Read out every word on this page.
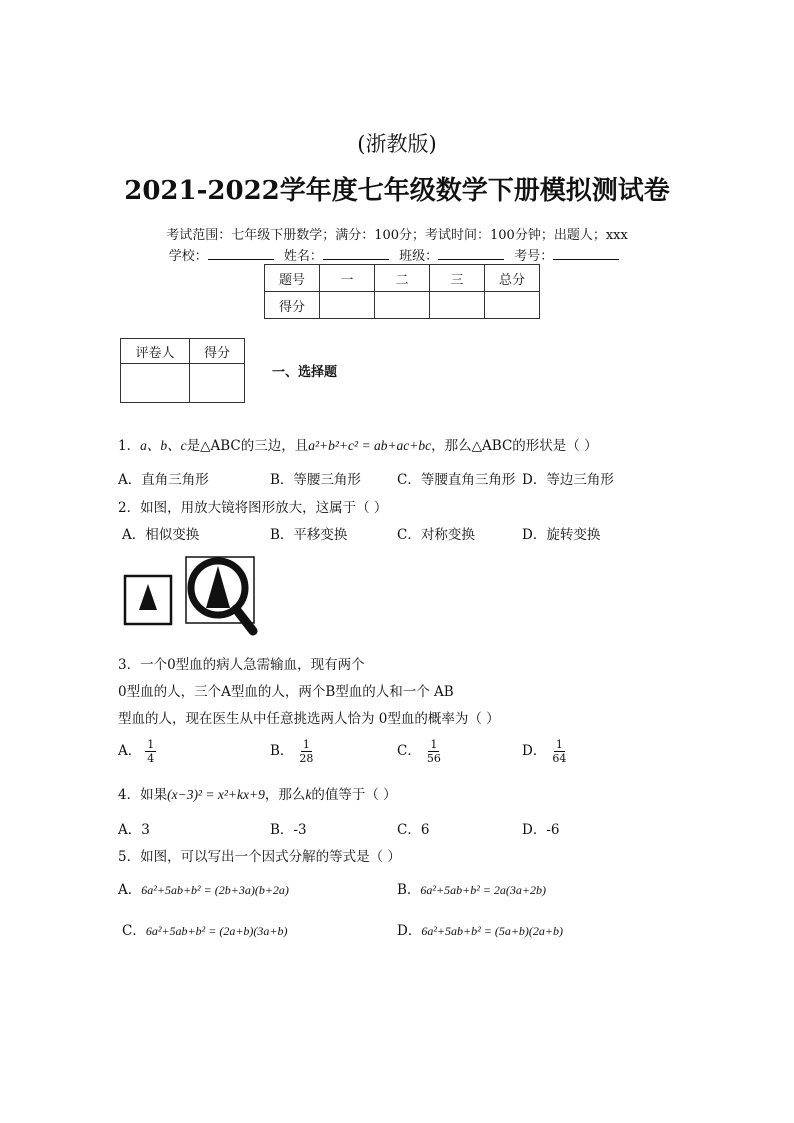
(浙教版)
2021-2022学年度七年级数学下册模拟测试卷
考试范围：七年级下册数学；满分：100分；考试时间：100分钟；出题人；xxx
学校：	姓名：	班级：	考号：
题号	一	二	三	总分
得分				
评卷人	得分

一、选择题
1．a、b、c是△ABC的三边，且a²+b²+c² = ab+ac+bc，那么△ABC的形状是（ ）
A．直角三角形	B．等腰三角形	C．等腰直角三角形 D．等边三角形
2．如图，用放大镜将图形放大，这属于（ ）
A．相似变换	B．平移变换	C．对称变换	D．旋转变换
3．一个0型血的病人急需输血，现有两个
0型血的人，三个A型血的人，两个B型血的人和一个 AB
型血的人，现在医生从中任意挑选两人恰为 0型血的概率为（ ）
A． $\frac{1}{4}$	B． $\frac{1}{28}$	C． $\frac{1}{56}$	D． $\frac{1}{64}$
4．如果(x−3)² = x²+kx+9，那么k的值等于（ ）
A．3	B．-3	C．6	D．-6
5．如图，可以写出一个因式分解的等式是（ ）
A．6a²+5ab+b² = (2b+3a)(b+2a)	B．6a²+5ab+b² = 2a(3a+2b)
C．6a²+5ab+b² = (2a+b)(3a+b)	D．6a²+5ab+b² = (5a+b)(2a+b)
